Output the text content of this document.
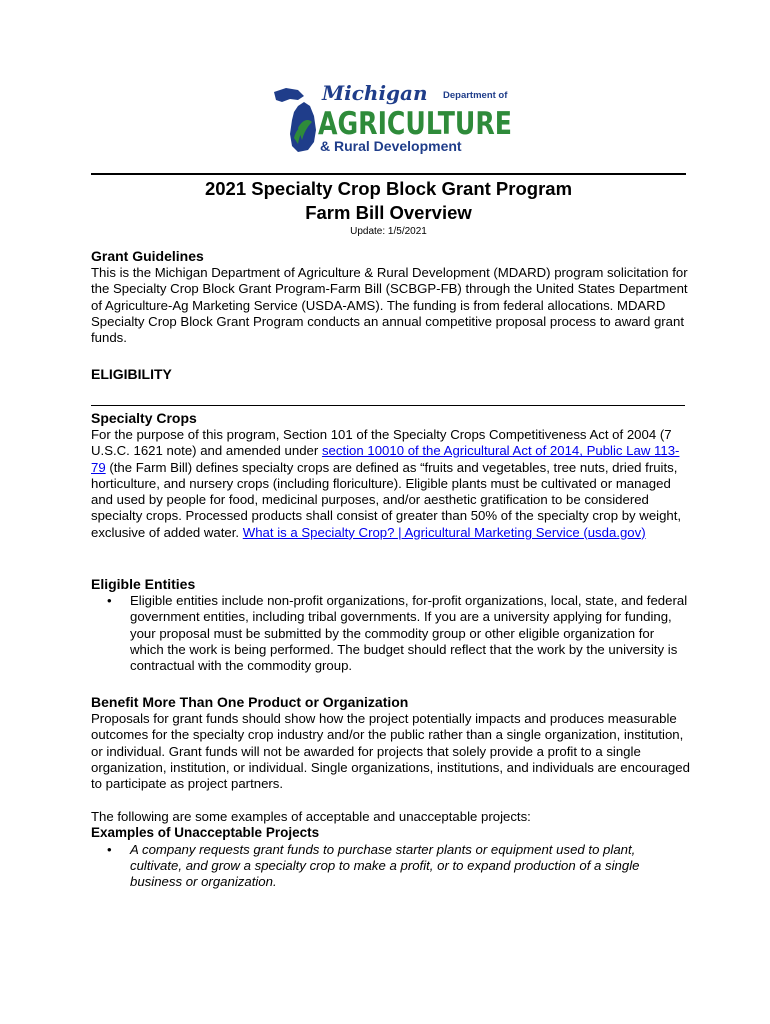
Michigan Department of
AGRICULTURE
& Rural Development
2021 Specialty Crop Block Grant Program
Farm Bill Overview
Update: 1/5/2021

Grant Guidelines

This is the Michigan Department of Agriculture & Rural Development (MDARD) program solicitation for the Specialty Crop Block Grant Program-Farm Bill (SCBGP-FB) through the United States Department of Agriculture-Ag Marketing Service (USDA-AMS). The funding is from federal allocations. MDARD Specialty Crop Block Grant Program conducts an annual competitive proposal process to award grant funds.

ELIGIBILITY

Specialty Crops

For the purpose of this program, Section 101 of the Specialty Crops Competitiveness Act of 2004 (7 U.S.C. 1621 note) and amended under section 10010 of the Agricultural Act of 2014, Public Law 113-79 (the Farm Bill) defines specialty crops are defined as “fruits and vegetables, tree nuts, dried fruits, horticulture, and nursery crops (including floriculture). Eligible plants must be cultivated or managed and used by people for food, medicinal purposes, and/or aesthetic gratification to be considered specialty crops. Processed products shall consist of greater than 50% of the specialty crop by weight, exclusive of added water. What is a Specialty Crop? | Agricultural Marketing Service (usda.gov)

Eligible Entities

• Eligible entities include non-profit organizations, for-profit organizations, local, state, and federal government entities, including tribal governments. If you are a university applying for funding, your proposal must be submitted by the commodity group or other eligible organization for which the work is being performed. The budget should reflect that the work by the university is contractual with the commodity group.

Benefit More Than One Product or Organization

Proposals for grant funds should show how the project potentially impacts and produces measurable outcomes for the specialty crop industry and/or the public rather than a single organization, institution, or individual. Grant funds will not be awarded for projects that solely provide a profit to a single organization, institution, or individual. Single organizations, institutions, and individuals are encouraged to participate as project partners.

The following are some examples of acceptable and unacceptable projects:

Examples of Unacceptable Projects

• A company requests grant funds to purchase starter plants or equipment used to plant, cultivate, and grow a specialty crop to make a profit, or to expand production of a single business or organization.
